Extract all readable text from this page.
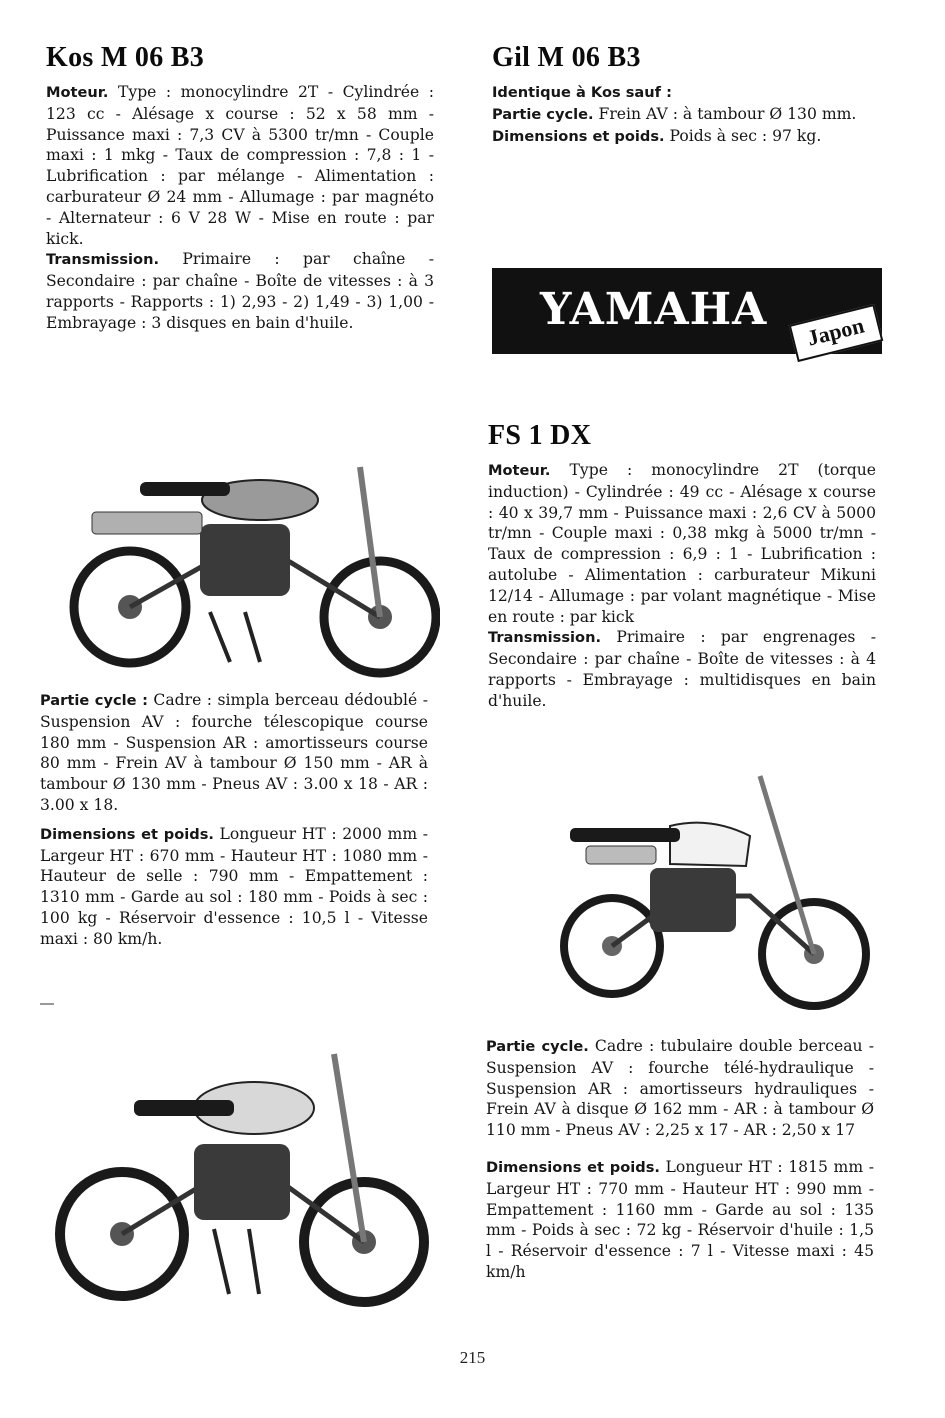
Kos M 06 B3

Moteur. Type : monocylindre 2T - Cylindrée : 123 cc - Alésage x course : 52 x 58 mm - Puissance maxi : 7,3 CV à 5300 tr/mn - Couple maxi : 1 mkg - Taux de compression : 7,8 : 1 - Lubrification : par mélange - Alimentation : carburateur Ø 24 mm - Allumage : par magnéto - Alternateur : 6 V 28 W - Mise en route : par kick.

Transmission. Primaire : par chaîne - Secondaire : par chaîne - Boîte de vitesses : à 3 rapports - Rapports : 1) 2,93 - 2) 1,49 - 3) 1,00 - Embrayage : 3 disques en bain d'huile.

Partie cycle : Cadre : simpla berceau dédoublé - Suspension AV : fourche télescopique course 180 mm - Suspension AR : amortisseurs course 80 mm - Frein AV à tambour Ø 150 mm - AR à tambour Ø 130 mm - Pneus AV : 3.00 x 18 - AR : 3.00 x 18.

Dimensions et poids. Longueur HT : 2000 mm - Largeur HT : 670 mm - Hauteur HT : 1080 mm - Hauteur de selle : 790 mm - Empattement : 1310 mm - Garde au sol : 180 mm - Poids à sec : 100 kg - Réservoir d'essence : 10,5 l - Vitesse maxi : 80 km/h.

Gil M 06 B3

Identique à Kos sauf :

Partie cycle. Frein AV : à tambour Ø 130 mm.

Dimensions et poids. Poids à sec : 97 kg.

YAMAHA	Japon
FS 1 DX

Moteur. Type : monocylindre 2T (torque induction) - Cylindrée : 49 cc - Alésage x course : 40 x 39,7 mm - Puissance maxi : 2,6 CV à 5000 tr/mn - Couple maxi : 0,38 mkg à 5000 tr/mn - Taux de compression : 6,9 : 1 - Lubrification : autolube - Alimentation : carburateur Mikuni 12/14 - Allumage : par volant magnétique - Mise en route : par kick

Transmission. Primaire : par engrenages - Secondaire : par chaîne - Boîte de vitesses : à 4 rapports - Embrayage : multidisques en bain d'huile.

Partie cycle. Cadre : tubulaire double berceau - Suspension AV : fourche télé-hydraulique - Suspension AR : amortisseurs hydrauliques - Frein AV à disque Ø 162 mm - AR : à tambour Ø 110 mm - Pneus AV : 2,25 x 17 - AR : 2,50 x 17

Dimensions et poids. Longueur HT : 1815 mm - Largeur HT : 770 mm - Hauteur HT : 990 mm - Empattement : 1160 mm - Garde au sol : 135 mm - Poids à sec : 72 kg - Réservoir d'huile : 1,5 l - Réservoir d'essence : 7 l - Vitesse maxi : 45 km/h

215
